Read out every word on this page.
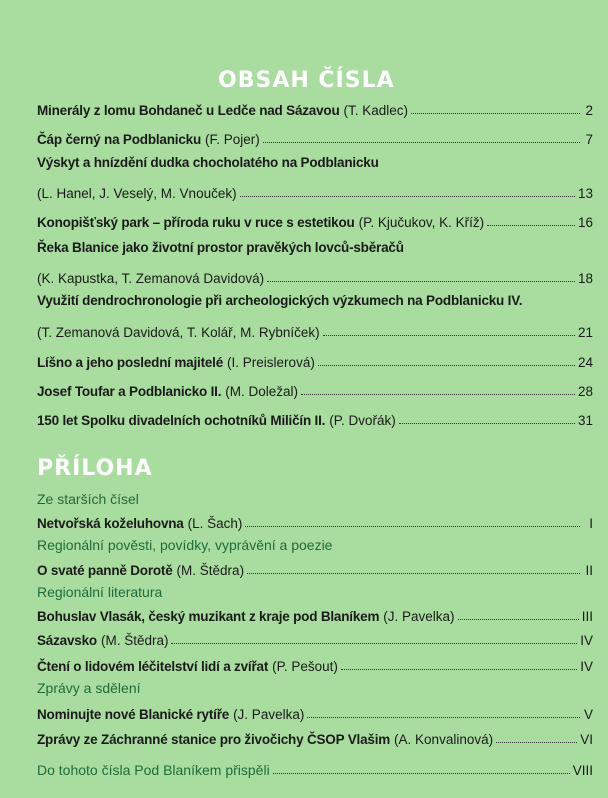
OBSAH ČÍSLA
Minerály z lomu Bohdaneč u Ledče nad Sázavou (T. Kadlec)	2
Čáp černý na Podblanicku (F. Pojer)	7
Výskyt a hnízdění dudka chocholatého na Podblanicku
(L. Hanel, J. Veselý, M. Vnouček)	13
Konopišťský park – příroda ruku v ruce s estetikou (P. Kjučukov, K. Kříž)	16
Řeka Blanice jako životní prostor pravěkých lovců-sběračů
(K. Kapustka, T. Zemanová Davidová)	18
Využití dendrochronologie při archeologických výzkumech na Podblanicku IV.
(T. Zemanová Davidová, T. Kolář, M. Rybníček)	21
Líšno a jeho poslední majitelé (I. Preislerová)	24
Josef Toufar a Podblanicko II. (M. Doležal)	28
150 let Spolku divadelních ochotníků Miličín II. (P. Dvořák)	31
PŘÍLOHA
Ze starších čísel
Netvořská koželuhovna (L. Šach)	I
Regionální pověsti, povídky, vyprávění a poezie
O svaté panně Dorotě (M. Štědra)	II
Regionální literatura
Bohuslav Vlasák, český muzikant z kraje pod Blaníkem (J. Pavelka)	III
Sázavsko (M. Štědra)	IV
Čtení o lidovém léčitelství lidí a zvířat (P. Pešout)	IV
Zprávy a sdělení
Nominujte nové Blanické rytíře (J. Pavelka)	V
Zprávy ze Záchranné stanice pro živočichy ČSOP Vlašim (A. Konvalinová)	VI
Do tohoto čísla Pod Blaníkem přispěli	VIII
